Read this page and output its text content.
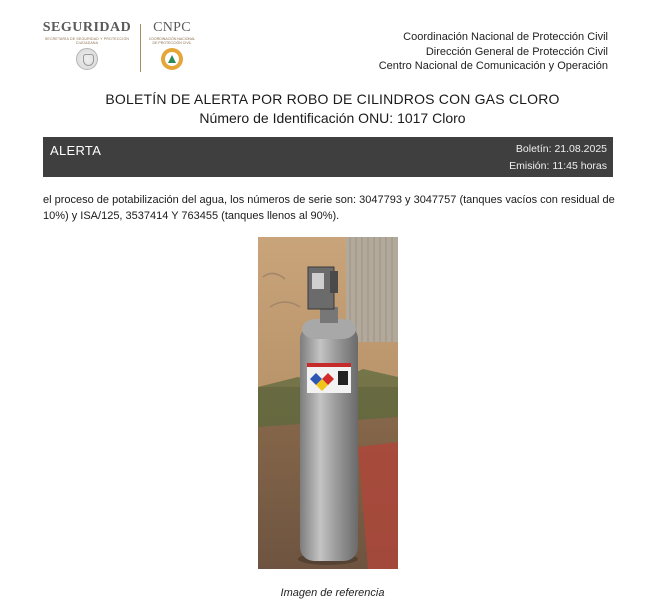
SEGURIDAD
SECRETARÍA DE SEGURIDAD Y PROTECCIÓN CIUDADANA
CNPC
COORDINACIÓN NACIONAL DE PROTECCIÓN CIVIL	Coordinación Nacional de Protección Civil
Dirección General de Protección Civil
Centro Nacional de Comunicación y Operación
BOLETÍN DE ALERTA POR ROBO DE CILINDROS CON GAS CLORO
Número de Identificación ONU: 1017 Cloro
ALERTA	Boletín: 21.08.2025
Emisión: 11:45 horas
el proceso de potabilización del agua, los números de serie son: 3047793 y 3047757 (tanques vacíos con residual de 10%) y ISA/125, 3537414 Y 763455 (tanques llenos al 90%).
Imagen de referencia
